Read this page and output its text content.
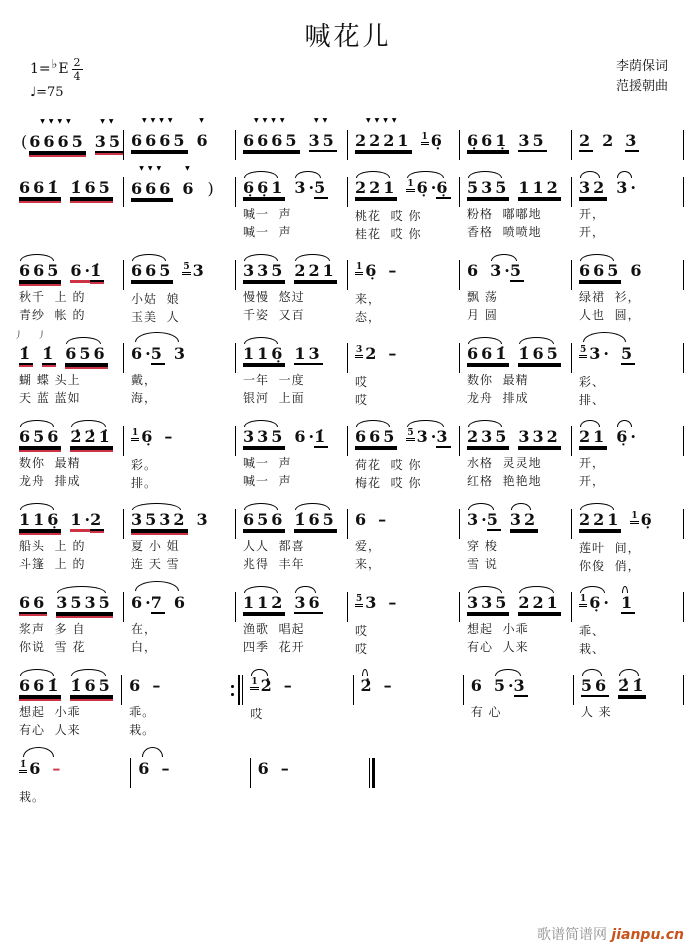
喊花儿
1= ♭ E $\frac{2}{4}$
♩=75
李荫保词
范援朝曲
( 6665
▼▼▼▼
35
▼▼
6665
▼▼▼▼
6
▼
6665
▼▼▼▼
35
▼▼
2221
▼▼▼▼
1 6̣ 6̣61̣ 35 2 2 3
661̇ 1̇65

666
▼▼▼
6
▼
)

6̣6̣1 3·
5
喊一  声
喊一  声
221 1 6̣·
6̣
桃花  哎 你
桂花  哎 你
535 112
粉格  嘟嘟地
香格  喷喷地
32 3·
开，
开，
665 6·
1̇
秋千  上 的
青纱  帐 的
665 5 3
小姑  娘
玉美  人
335 221
慢慢  悠过
千姿  又百
1 6̣ –
来，
态，
6 3·
5
飘 荡
月 圆
665 6
绿裙  衫，
人也  圆，
1̇
丿
1̇
丿
656
蝴 蝶 头上
天 蓝 蓝如
6·
5 3
戴，
海，
116̣ 13
一年  一度
银河  上面
3 2 –
哎
哎
661̇ 1̇65
数你  最精
龙舟  排成
5 3· 5
彩、
排、
656 2̇2̇1̇
数你  最精
龙舟  排成
1 6̣ –
彩。
排。
335 6·
1̇
喊一  声
喊一  声
665 5 3·
3
荷花  哎 你
梅花  哎 你
235 332
水格  灵灵地
红格  艳艳地
21 6̣·
开，
开，
116̣ 1·
2
船头  上 的
斗篷  上 的
3532 3
夏 小 姐
连 天 雪
656 1̇65
人人  都喜
兆得  丰年
6 –
爱，
来，
3·
5 32
穿 梭
雪 说
221 1 6̣
莲叶  间，
你俊  俏，
66 3535
浆声  多 自
你说  雪 花
6·
7 6
在，
白，
112 36
渔歌  唱起
四季  花开
5 3 –
哎
哎
335 221
想起  小乖
有心  人来
1 6̣· 1
乖、
栽、
661̇ 1̇65
想起  小乖
有心  人来
6 –
乖。
栽。
1 2̇ –
哎

2̇ –

	6 5·
3
有 心

56 2̇1̇
人 来

1̇ 6 –
栽。
6 –
	6 –

歌谱简谱网 jianpu.cn
